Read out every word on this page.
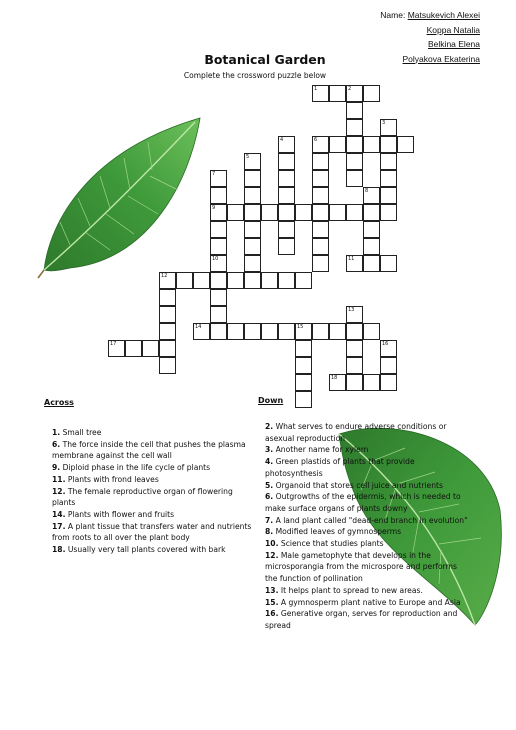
Name: Matsukevich Alexei
Koppa Natalia
Belkina Elena
Polyakova Ekaterina
Botanical Garden
Complete the crossword puzzle below
1	2
3
4
5
6
7
8
9
10	11
12
13
14	15
16
17
18
Across
1. Small tree
6. The force inside the cell that pushes the plasma membrane against the cell wall
9. Diploid phase in the life cycle of plants
11. Plants with frond leaves
12. The female reproductive organ of flowering plants
14. Plants with flower and fruits
17. A plant tissue that transfers water and nutrients from roots to all over the plant body
18. Usually very tall plants covered with bark
Down
2. What serves to endure adverse conditions or asexual reproduction
3. Another name for xylem
4. Green plastids of plants that provide photosynthesis
5. Organoid that stores cell juice and nutrients
6. Outgrowths of the epidermis, which is needed to make surface organs of plants downy
7. A land plant called "dead-end branch in evolution"
8. Modified leaves of gymnosperms
10. Science that studies plants
12. Male gametophyte that develops in the microsporangia from the microspore and performs the function of pollination
13. It helps plant to spread to new areas.
15. A gymnosperm plant native to Europe and Asia
16. Generative organ, serves for reproduction and spread
